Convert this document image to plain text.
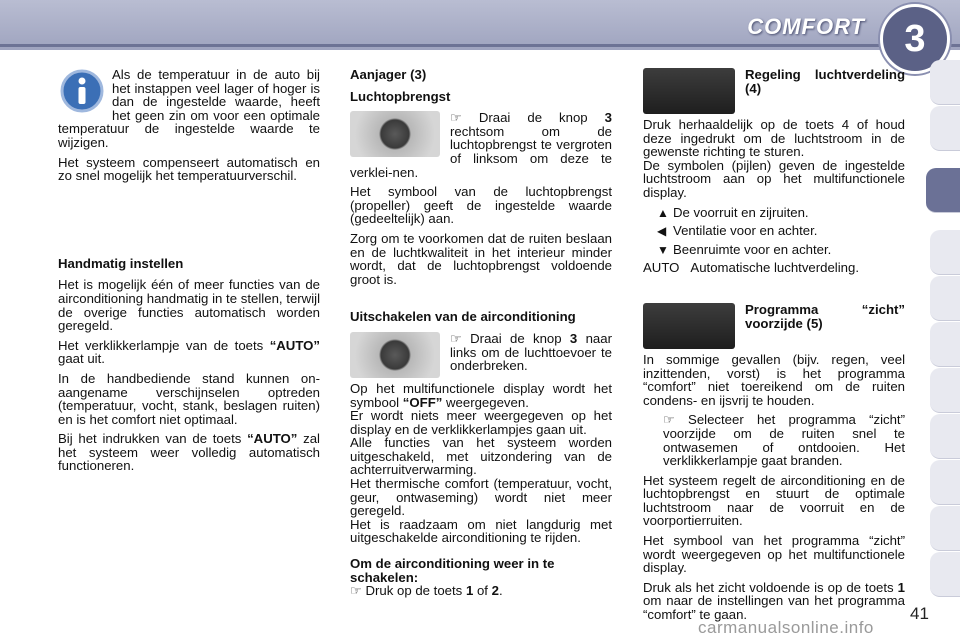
COMFORT	3

Als de temperatuur in de auto bij het instappen veel lager of hoger is dan de ingestelde waarde, heeft het geen zin om voor een optimale temperatuur de ingestelde waarde te wijzigen.

Het systeem compenseert automatisch en zo snel mogelijk het temperatuurverschil.

Handmatig instellen

Het is mogelijk één of meer functies van de airconditioning handmatig in te stellen, terwijl de overige functies automatisch worden geregeld.

Het verklikkerlampje van de toets “AUTO” gaat uit.

In de handbediende stand kunnen on-aangename verschijnselen optreden (temperatuur, vocht, stank, beslagen ruiten) en is het comfort niet optimaal.

Bij het indrukken van de toets “AUTO” zal het systeem weer volledig automatisch functioneren.

Aanjager (3)

Luchtopbrengst

☞ Draai de knop 3 rechtsom om de luchtopbrengst te vergroten of linksom om deze te verklei-nen.

Het symbool van de luchtopbrengst (propeller) geeft de ingestelde waarde (gedeeltelijk) aan.

Zorg om te voorkomen dat de ruiten beslaan en de luchtkwaliteit in het interieur minder wordt, dat de luchtopbrengst voldoende groot is.

Uitschakelen van de airconditioning

☞ Draai de knop 3 naar links om de luchttoevoer te onderbreken.

Op het multifunctionele display wordt het symbool “OFF” weergegeven.

Er wordt niets meer weergegeven op het display en de verklikkerlampjes gaan uit.

Alle functies van het systeem worden uitgeschakeld, met uitzondering van de achterruitverwarming.

Het thermische comfort (temperatuur, vocht, geur, ontwaseming) wordt niet meer geregeld.

Het is raadzaam om niet langdurig met uitgeschakelde airconditioning te rijden.

Om de airconditioning weer in te schakelen:

☞ Druk op de toets 1 of 2.

Regeling luchtverdeling (4)

Druk herhaaldelijk op de toets 4 of houd deze ingedrukt om de luchtstroom in de gewenste richting te sturen.

De symbolen (pijlen) geven de ingestelde luchtstroom aan op het multifunctionele display.

▲ De voorruit en zijruiten.

◀ Ventilatie voor en achter.

▼ Beenruimte voor en achter.

AUTO Automatische luchtverdeling.

Programma “zicht” voorzijde (5)

In sommige gevallen (bijv. regen, veel inzittenden, vorst) is het programma “comfort” niet toereikend om de ruiten condens- en ijsvrij te houden.

☞ Selecteer het programma “zicht” voorzijde om de ruiten snel te ontwasemen of ontdooien. Het verklikkerlampje gaat branden.

Het systeem regelt de airconditioning en de luchtopbrengst en stuurt de optimale luchtstroom naar de voorruit en de voorportierruiten.

Het symbool van het programma “zicht” wordt weergegeven op het multifunctionele display.

Druk als het zicht voldoende is op de toets 1 om naar de instellingen van het programma “comfort” te gaan.	41
carmanualsonline.info
